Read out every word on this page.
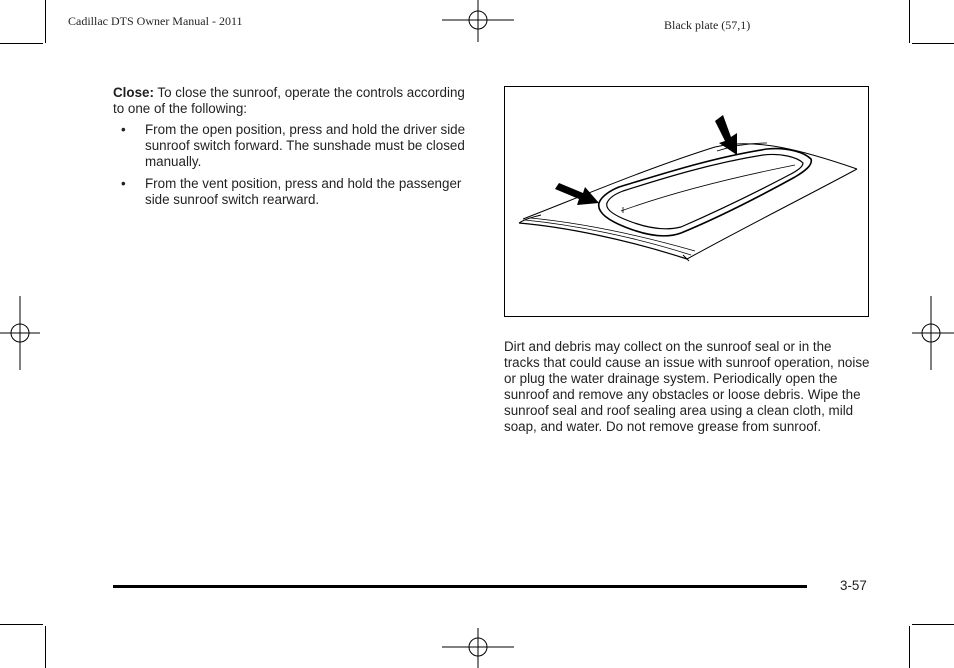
Cadillac DTS Owner Manual - 2011	Black plate (57,1)
Close: To close the sunroof, operate the controls according to one of the following:
• From the open position, press and hold the driver side sunroof switch forward. The sunshade must be closed manually.
• From the vent position, press and hold the passenger side sunroof switch rearward.
Dirt and debris may collect on the sunroof seal or in the tracks that could cause an issue with sunroof operation, noise or plug the water drainage system. Periodically open the sunroof and remove any obstacles or loose debris. Wipe the sunroof seal and roof sealing area using a clean cloth, mild soap, and water. Do not remove grease from sunroof.
3-57
